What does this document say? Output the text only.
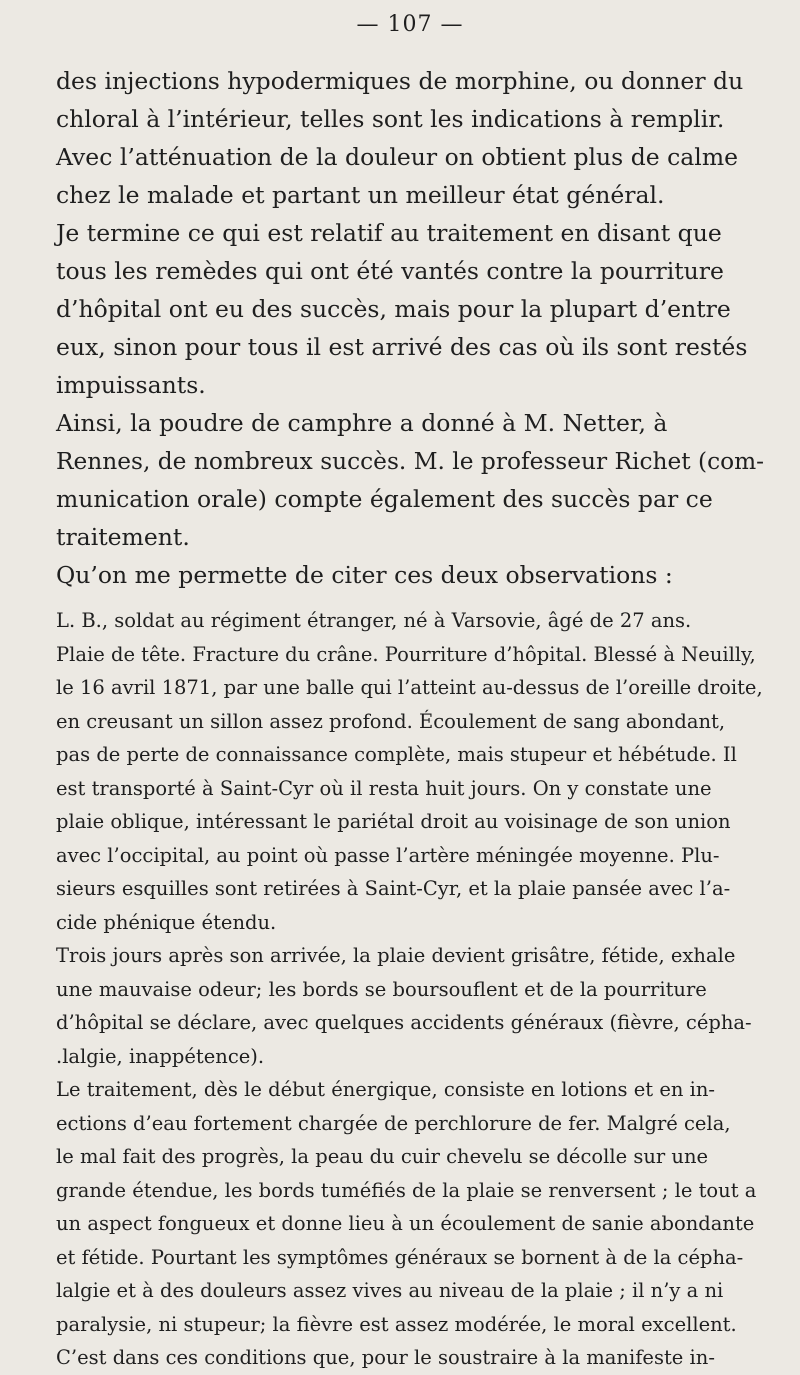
— 107 —
des injections hypodermiques de morphine, ou donner du
chloral à l’intérieur, telles sont les indications à remplir.
Avec l’atténuation de la douleur on obtient plus de calme
chez le malade et partant un meilleur état général.
Je termine ce qui est relatif au traitement en disant que
tous les remèdes qui ont été vantés contre la pourriture
d’hôpital ont eu des succès, mais pour la plupart d’entre
eux, sinon pour tous il est arrivé des cas où ils sont restés
impuissants.
Ainsi, la poudre de camphre a donné à M. Netter, à
Rennes, de nombreux succès. M. le professeur Richet (com-
munication orale) compte également des succès par ce
traitement.
Qu’on me permette de citer ces deux observations :
L. B., soldat au régiment étranger, né à Varsovie, âgé de 27 ans.
Plaie de tête. Fracture du crâne. Pourriture d’hôpital. Blessé à Neuilly,
le 16 avril 1871, par une balle qui l’atteint au-dessus de l’oreille droite,
en creusant un sillon assez profond. Écoulement de sang abondant,
pas de perte de connaissance complète, mais stupeur et hébétude. Il
est transporté à Saint-Cyr où il resta huit jours. On y constate une
plaie oblique, intéressant le pariétal droit au voisinage de son union
avec l’occipital, au point où passe l’artère méningée moyenne. Plu-
sieurs esquilles sont retirées à Saint-Cyr, et la plaie pansée avec l’a-
cide phénique étendu.
Trois jours après son arrivée, la plaie devient grisâtre, fétide, exhale
une mauvaise odeur; les bords se boursouflent et de la pourriture
d’hôpital se déclare, avec quelques accidents généraux (fièvre, cépha-
.lalgie, inappétence).
Le traitement, dès le début énergique, consiste en lotions et en in-
ections d’eau fortement chargée de perchlorure de fer. Malgré cela,
le mal fait des progrès, la peau du cuir chevelu se décolle sur une
grande étendue, les bords tuméfiés de la plaie se renversent ; le tout a
un aspect fongueux et donne lieu à un écoulement de sanie abondante
et fétide. Pourtant les symptômes généraux se bornent à de la cépha-
lalgie et à des douleurs assez vives au niveau de la plaie ; il n’y a ni
paralysie, ni stupeur; la fièvre est assez modérée, le moral excellent.
C’est dans ces conditions que, pour le soustraire à la manifeste in-
